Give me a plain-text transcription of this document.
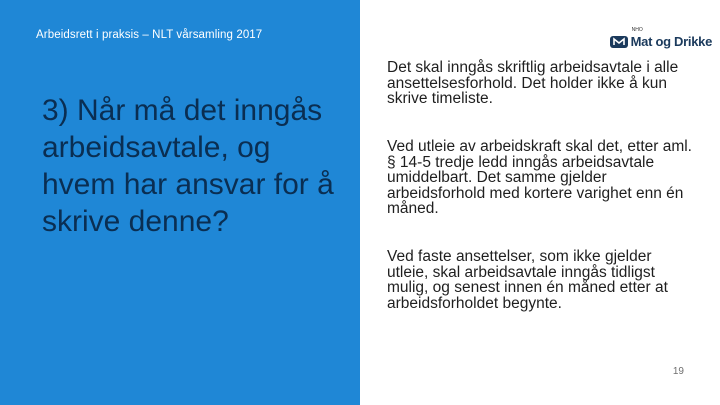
Arbeidsrett i praksis – NLT vårsamling 2017
3) Når må det inngås arbeidsavtale, og hvem har ansvar for å skrive denne?
NHO
Mat og Drikke
Det skal inngås skriftlig arbeidsavtale i alle ansettelsesforhold. Det holder ikke å kun skrive timeliste.
Ved utleie av arbeidskraft skal det, etter aml. § 14-5 tredje ledd inngås arbeidsavtale umiddelbart. Det samme gjelder arbeidsforhold med kortere varighet enn én måned.
Ved faste ansettelser, som ikke gjelder utleie, skal arbeidsavtale inngås tidligst mulig, og senest innen én måned etter at arbeidsforholdet begynte.
19
